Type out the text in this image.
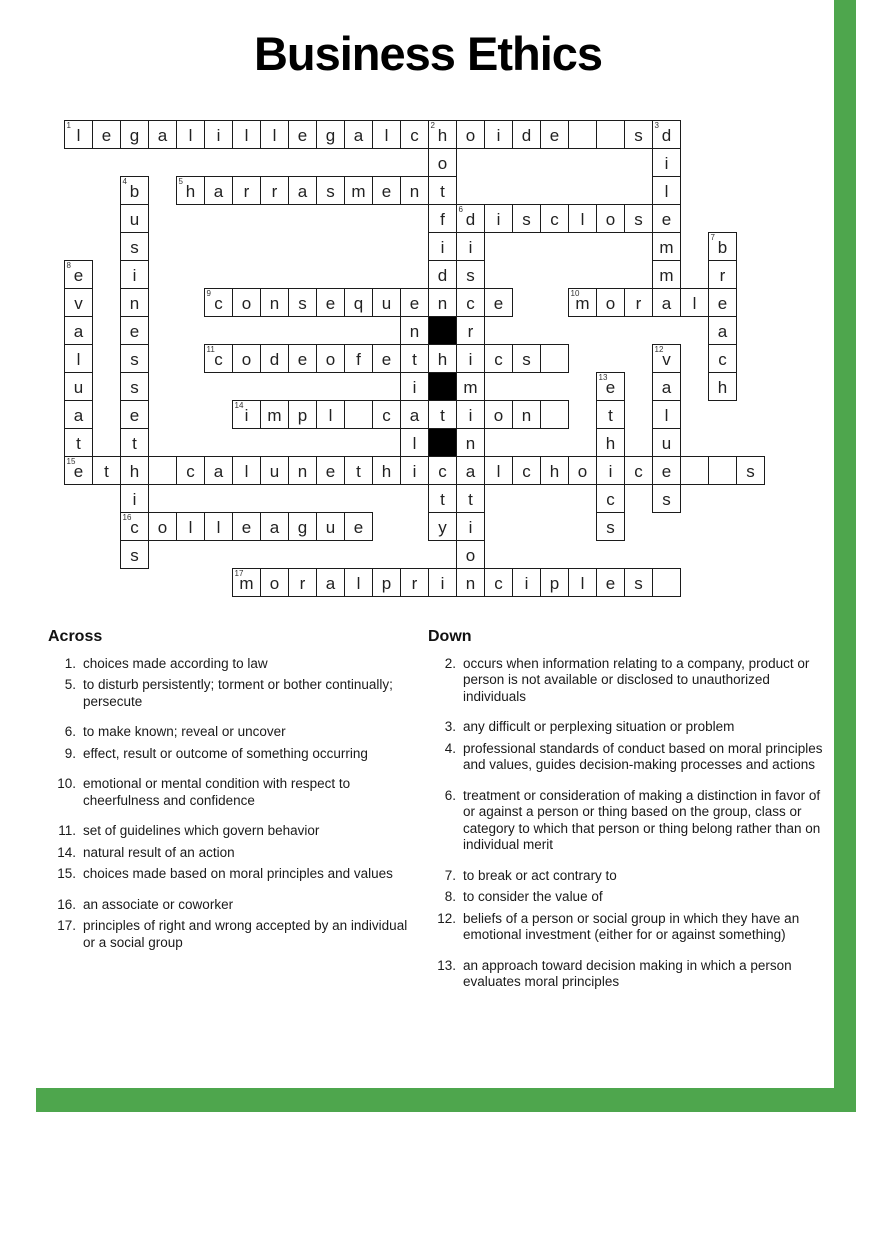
Business Ethics
1
l e g a l i l l e g a l c
2
h o i d e	s
3
d
o	i
4
b
5
h a r r a s m e n t	l
u	f
6
d i s c l o s e
s	i i	m
7
b
8
e	i	d s	m	r
v	n
9
c o n s e q u e n c e
10
m o r a l e
a	e	n	r	a
l	s
11
c o d e o f e t h i c s
12
v	c
u	s	i	m
13
e	a	h
a	e
14
i m p l	c a t i o n	t	l
t	t	l	n	h	u
15
e t h	c a l u n e t h i c a l c h o i c e	s
i	t t	c	s
16
c o l l e a g u e	y i	s
s	o
17
m o r a l p r i n c i p l e s
Across
1. choices made according to law
5. to disturb persistently; torment or bother continually; persecute
6. to make known; reveal or uncover
9. effect, result or outcome of something occurring
10. emotional or mental condition with respect to cheerfulness and confidence
11. set of guidelines which govern behavior
14. natural result of an action
15. choices made based on moral principles and values
16. an associate or coworker
17. principles of right and wrong accepted by an individual or a social group
Down
2. occurs when information relating to a company, product or person is not available or disclosed to unauthorized individuals
3. any difficult or perplexing situation or problem
4. professional standards of conduct based on moral principles and values, guides decision-making processes and actions
6. treatment or consideration of making a distinction in favor of or against a person or thing based on the group, class or category to which that person or thing belong rather than on individual merit
7. to break or act contrary to
8. to consider the value of
12. beliefs of a person or social group in which they have an emotional investment (either for or against something)
13. an approach toward decision making in which a person evaluates moral principles
